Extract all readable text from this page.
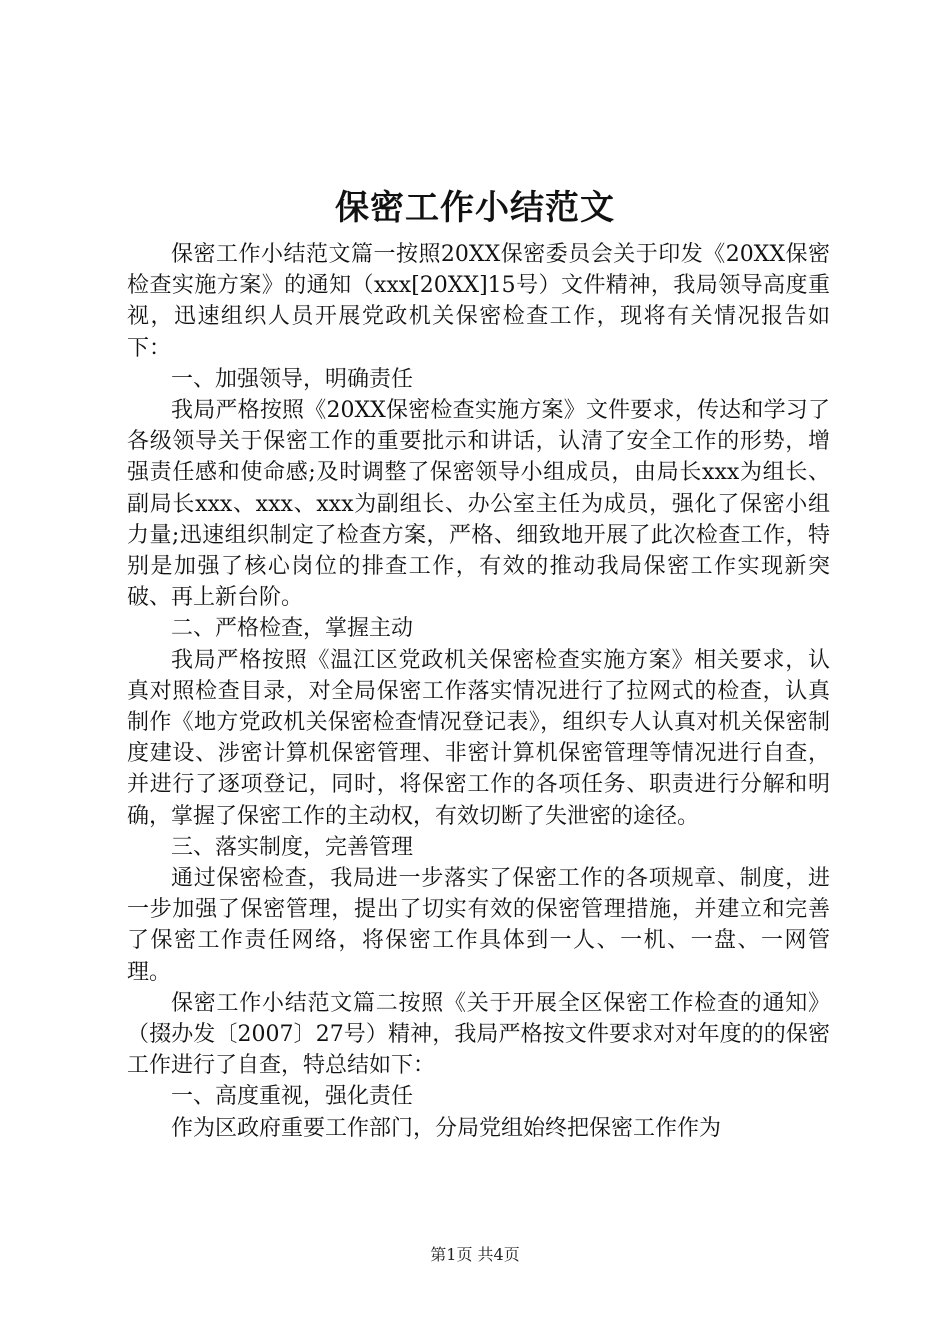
保密工作小结范文

保密工作小结范文篇一按照20XX保密委员会关于印发《20XX保密检查实施方案》的通知（xxx[20XX]15号）文件精神，我局领导高度重视，迅速组织人员开展党政机关保密检查工作，现将有关情况报告如下：

一、加强领导，明确责任

我局严格按照《20XX保密检查实施方案》文件要求，传达和学习了各级领导关于保密工作的重要批示和讲话，认清了安全工作的形势，增强责任感和使命感;及时调整了保密领导小组成员，由局长xxx为组长、副局长xxx、xxx、xxx为副组长、办公室主任为成员，强化了保密小组力量;迅速组织制定了检查方案，严格、细致地开展了此次检查工作，特别是加强了核心岗位的排查工作，有效的推动我局保密工作实现新突破、再上新台阶。

二、严格检查，掌握主动

我局严格按照《温江区党政机关保密检查实施方案》相关要求，认真对照检查目录，对全局保密工作落实情况进行了拉网式的检查，认真制作《地方党政机关保密检查情况登记表》，组织专人认真对机关保密制度建设、涉密计算机保密管理、非密计算机保密管理等情况进行自查，并进行了逐项登记，同时，将保密工作的各项任务、职责进行分解和明确，掌握了保密工作的主动权，有效切断了失泄密的途径。

三、落实制度，完善管理

通过保密检查，我局进一步落实了保密工作的各项规章、制度，进一步加强了保密管理，提出了切实有效的保密管理措施，并建立和完善了保密工作责任网络，将保密工作具体到一人、一机、一盘、一网管理。

保密工作小结范文篇二按照《关于开展全区保密工作检查的通知》（掇办发〔2007〕27号）精神，我局严格按文件要求对对年度的的保密工作进行了自查，特总结如下：

一、高度重视，强化责任

作为区政府重要工作部门，分局党组始终把保密工作作为

第1页 共4页
